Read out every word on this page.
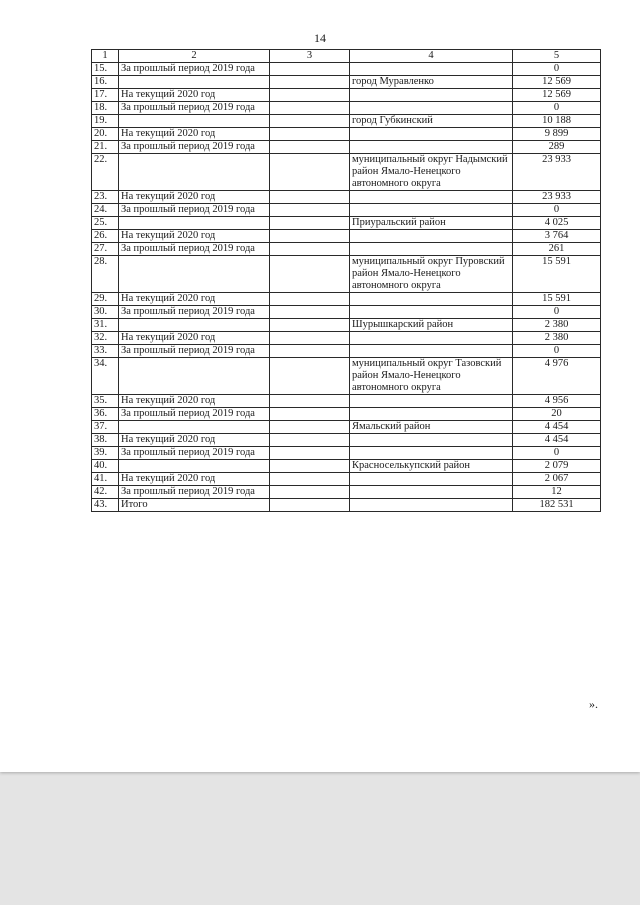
14
1	2	3	4	5
15.	За прошлый период 2019 года			0
16.			город Муравленко	12 569
17.	На текущий 2020 год			12 569
18.	За прошлый период 2019 года			0
19.			город Губкинский	10 188
20.	На текущий 2020 год			9 899
21.	За прошлый период 2019 года			289
22.			муниципальный округ Надымский район Ямало-Ненецкого автономного округа	23 933
23.	На текущий 2020 год			23 933
24.	За прошлый период 2019 года			0
25.			Приуральский район	4 025
26.	На текущий 2020 год			3 764
27.	За прошлый период 2019 года			261
28.			муниципальный округ Пуровский район Ямало-Ненецкого автономного округа	15 591
29.	На текущий 2020 год			15 591
30.	За прошлый период 2019 года			0
31.			Шурышкарский район	2 380
32.	На текущий 2020 год			2 380
33.	За прошлый период 2019 года			0
34.			муниципальный округ Тазовский район Ямало-Ненецкого автономного округа	4 976
35.	На текущий 2020 год			4 956
36.	За прошлый период 2019 года			20
37.			Ямальский район	4 454
38.	На текущий 2020 год			4 454
39.	За прошлый период 2019 года			0
40.			Красноселькупский район	2 079
41.	На текущий 2020 год			2 067
42.	За прошлый период 2019 года			12
43.	Итого			182 531
».
